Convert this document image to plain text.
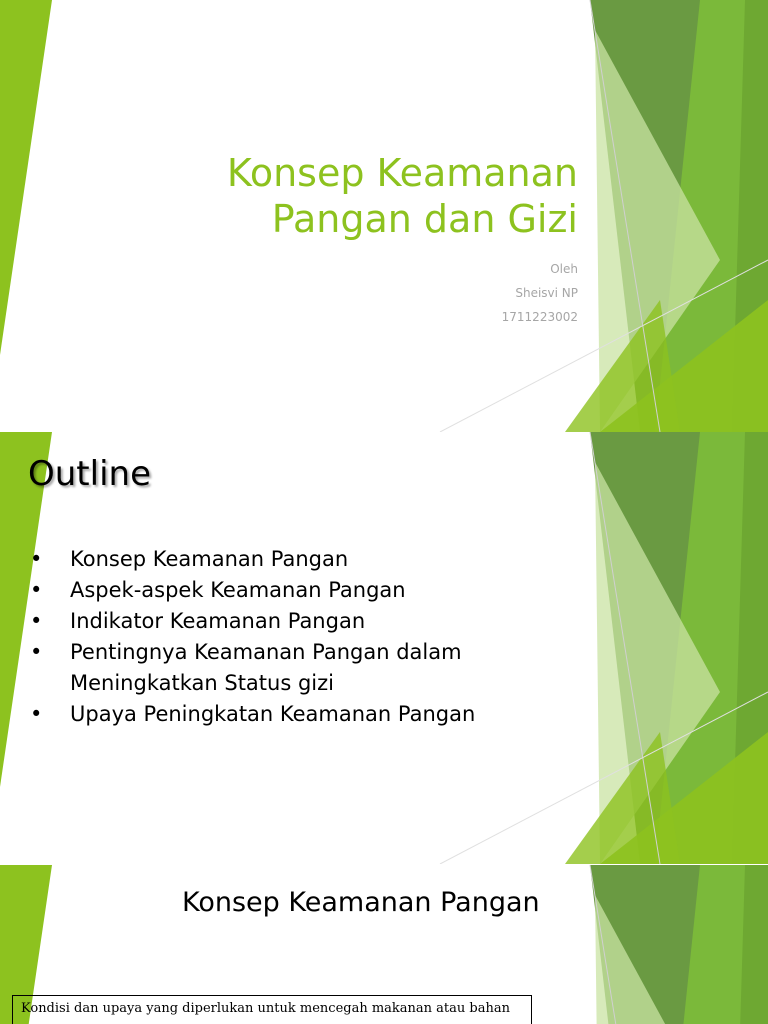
Konsep Keamanan
Pangan dan Gizi
Oleh
Sheisvi NP
1711223002
Outline
•	Konsep Keamanan Pangan
•	Aspek-aspek Keamanan Pangan
•	Indikator Keamanan Pangan
•	Pentingnya Keamanan Pangan dalam Meningkatkan Status gizi
•	Upaya Peningkatan Keamanan Pangan
Konsep Keamanan Pangan
Kondisi dan upaya yang diperlukan untuk mencegah makanan atau bahan
